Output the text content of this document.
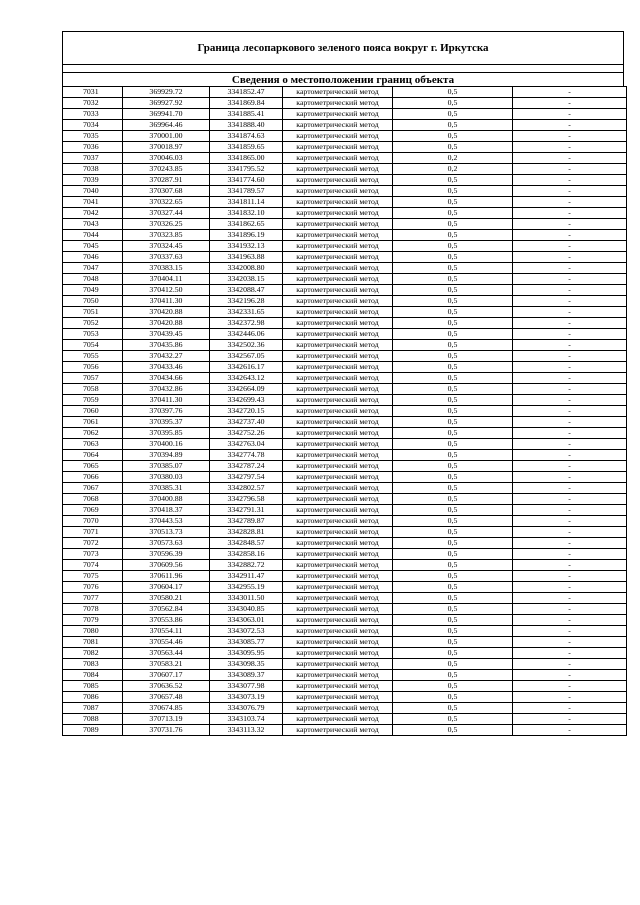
Граница лесопаркового зеленого пояса вокруг г. Иркутска
Сведения о местоположении границ объекта
7031	369929.72	3341852.47	картометрический метод	0,5	-
7032	369927.92	3341869.84	картометрический метод	0,5	-
7033	369941.70	3341885.41	картометрический метод	0,5	-
7034	369964.46	3341888.40	картометрический метод	0,5	-
7035	370001.00	3341874.63	картометрический метод	0,5	-
7036	370018.97	3341859.65	картометрический метод	0,5	-
7037	370046.03	3341865.00	картометрический метод	0,2	-
7038	370243.85	3341795.52	картометрический метод	0,2	-
7039	370287.91	3341774.60	картометрический метод	0,5	-
7040	370307.68	3341789.57	картометрический метод	0,5	-
7041	370322.65	3341811.14	картометрический метод	0,5	-
7042	370327.44	3341832.10	картометрический метод	0,5	-
7043	370326.25	3341862.65	картометрический метод	0,5	-
7044	370323.85	3341896.19	картометрический метод	0,5	-
7045	370324.45	3341932.13	картометрический метод	0,5	-
7046	370337.63	3341963.88	картометрический метод	0,5	-
7047	370383.15	3342008.80	картометрический метод	0,5	-
7048	370404.11	3342038.15	картометрический метод	0,5	-
7049	370412.50	3342088.47	картометрический метод	0,5	-
7050	370411.30	3342196.28	картометрический метод	0,5	-
7051	370420.88	3342331.65	картометрический метод	0,5	-
7052	370420.88	3342372.98	картометрический метод	0,5	-
7053	370439.45	3342446.06	картометрический метод	0,5	-
7054	370435.86	3342502.36	картометрический метод	0,5	-
7055	370432.27	3342567.05	картометрический метод	0,5	-
7056	370433.46	3342616.17	картометрический метод	0,5	-
7057	370434.66	3342643.12	картометрический метод	0,5	-
7058	370432.86	3342664.09	картометрический метод	0,5	-
7059	370411.30	3342699.43	картометрический метод	0,5	-
7060	370397.76	3342720.15	картометрический метод	0,5	-
7061	370395.37	3342737.40	картометрический метод	0,5	-
7062	370395.85	3342752.26	картометрический метод	0,5	-
7063	370400.16	3342763.04	картометрический метод	0,5	-
7064	370394.89	3342774.78	картометрический метод	0,5	-
7065	370385.07	3342787.24	картометрический метод	0,5	-
7066	370380.03	3342797.54	картометрический метод	0,5	-
7067	370385.31	3342802.57	картометрический метод	0,5	-
7068	370400.88	3342796.58	картометрический метод	0,5	-
7069	370418.37	3342791.31	картометрический метод	0,5	-
7070	370443.53	3342789.87	картометрический метод	0,5	-
7071	370513.73	3342828.81	картометрический метод	0,5	-
7072	370573.63	3342848.57	картометрический метод	0,5	-
7073	370596.39	3342858.16	картометрический метод	0,5	-
7074	370609.56	3342882.72	картометрический метод	0,5	-
7075	370611.96	3342911.47	картометрический метод	0,5	-
7076	370604.17	3342955.19	картометрический метод	0,5	-
7077	370580.21	3343011.50	картометрический метод	0,5	-
7078	370562.84	3343040.85	картометрический метод	0,5	-
7079	370553.86	3343063.01	картометрический метод	0,5	-
7080	370554.11	3343072.53	картометрический метод	0,5	-
7081	370554.46	3343085.77	картометрический метод	0,5	-
7082	370563.44	3343095.95	картометрический метод	0,5	-
7083	370583.21	3343098.35	картометрический метод	0,5	-
7084	370607.17	3343089.37	картометрический метод	0,5	-
7085	370636.52	3343077.98	картометрический метод	0,5	-
7086	370657.48	3343073.19	картометрический метод	0,5	-
7087	370674.85	3343076.79	картометрический метод	0,5	-
7088	370713.19	3343103.74	картометрический метод	0,5	-
7089	370731.76	3343113.32	картометрический метод	0,5	-
